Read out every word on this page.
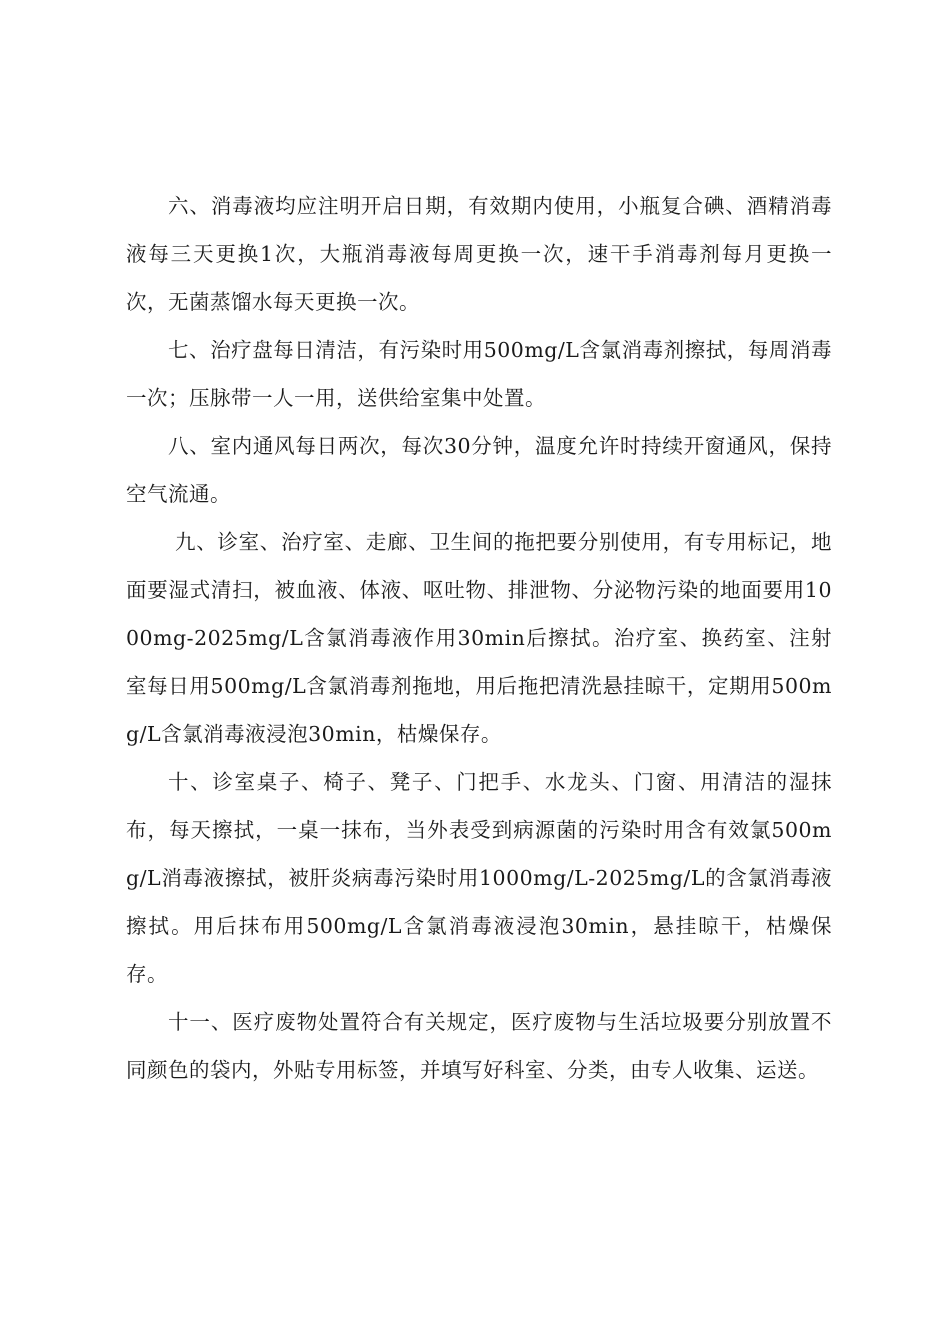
六、消毒液均应注明开启日期，有效期内使用，小瓶复合碘、酒精消毒液每三天更换1次，大瓶消毒液每周更换一次，速干手消毒剂每月更换一次，无菌蒸馏水每天更换一次。

七、治疗盘每日清洁，有污染时用500mg/L含氯消毒剂擦拭，每周消毒一次；压脉带一人一用，送供给室集中处置。

八、室内通风每日两次，每次30分钟，温度允许时持续开窗通风，保持空气流通。

九、诊室、治疗室、走廊、卫生间的拖把要分别使用，有专用标记，地面要湿式清扫，被血液、体液、呕吐物、排泄物、分泌物污染的地面要用1000mg-2025mg/L含氯消毒液作用30min后擦拭。治疗室、换药室、注射室每日用500mg/L含氯消毒剂拖地，用后拖把清洗悬挂晾干，定期用500mg/L含氯消毒液浸泡30min，枯燥保存。

十、诊室桌子、椅子、凳子、门把手、水龙头、门窗、用清洁的湿抹布，每天擦拭，一桌一抹布，当外表受到病源菌的污染时用含有效氯500mg/L消毒液擦拭，被肝炎病毒污染时用1000mg/L-2025mg/L的含氯消毒液擦拭。用后抹布用500mg/L含氯消毒液浸泡30min，悬挂晾干，枯燥保存。

十一、医疗废物处置符合有关规定，医疗废物与生活垃圾要分别放置不同颜色的袋内，外贴专用标签，并填写好科室、分类，由专人收集、运送。
